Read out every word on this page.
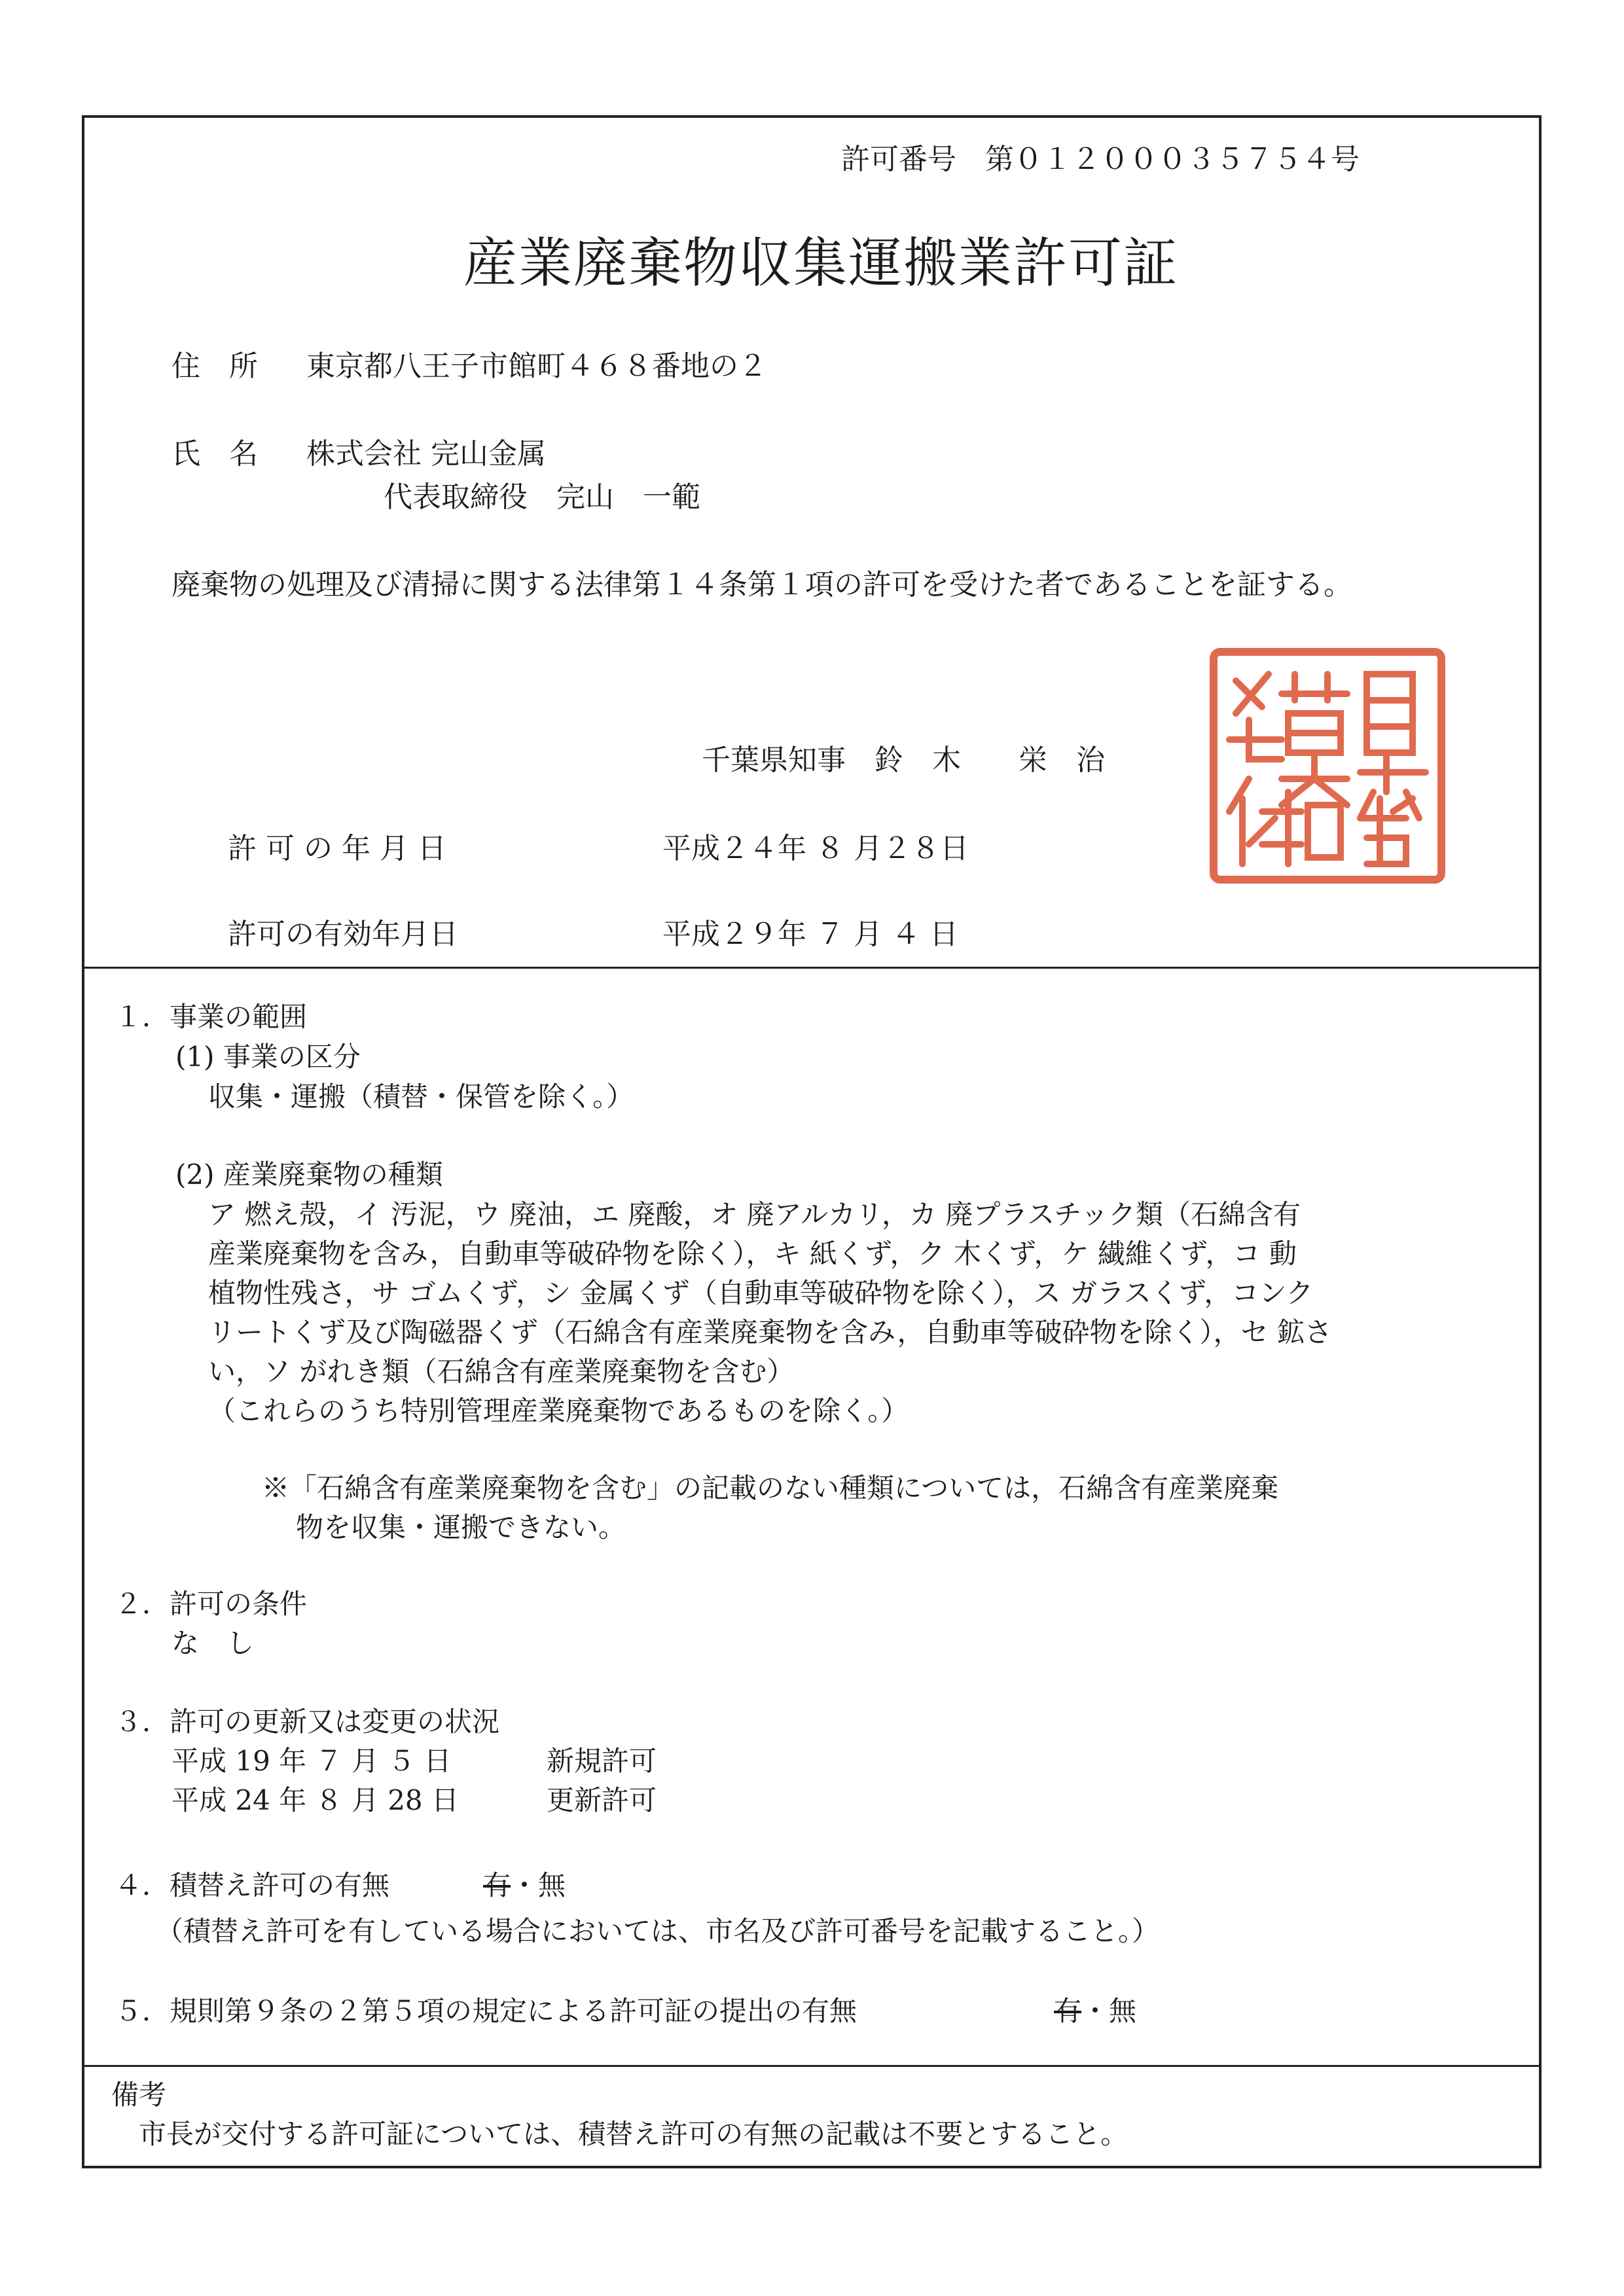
許可番号　第０１２０００３５７５４号
産業廃棄物収集運搬業許可証
住　所 東京都八王子市館町４６８番地の２
氏　名 株式会社 完山金属
代表取締役　完山　一範
廃棄物の処理及び清掃に関する法律第１４条第１項の許可を受けた者であることを証する。
千葉県知事　鈴　木　　栄　治
許 可 の 年 月 日	平成２４年 ８ 月２８日
許可の有効年月日	平成２９年 ７ 月 ４ 日
１．事業の範囲
(1) 事業の区分
収集・運搬（積替・保管を除く。）
(2) 産業廃棄物の種類
ア 燃え殻，イ 汚泥，ウ 廃油，エ 廃酸，オ 廃アルカリ，カ 廃プラスチック類（石綿含有
産業廃棄物を含み，自動車等破砕物を除く），キ 紙くず，ク 木くず，ケ 繊維くず，コ 動
植物性残さ，サ ゴムくず，シ 金属くず（自動車等破砕物を除く），ス ガラスくず，コンク
リートくず及び陶磁器くず（石綿含有産業廃棄物を含み，自動車等破砕物を除く），セ 鉱さ
い，ソ がれき類（石綿含有産業廃棄物を含む）
（これらのうち特別管理産業廃棄物であるものを除く。）
※「石綿含有産業廃棄物を含む」の記載のない種類については，石綿含有産業廃棄
物を収集・運搬できない。
２．許可の条件
な　し
３．許可の更新又は変更の状況
平成 19 年 ７ 月 ５ 日	新規許可
平成 24 年 ８ 月 28 日	更新許可
４．積替え許可の有無	有・無
（積替え許可を有している場合においては、市名及び許可番号を記載すること。）
５．規則第９条の２第５項の規定による許可証の提出の有無	有・無
備考
市長が交付する許可証については、積替え許可の有無の記載は不要とすること。
